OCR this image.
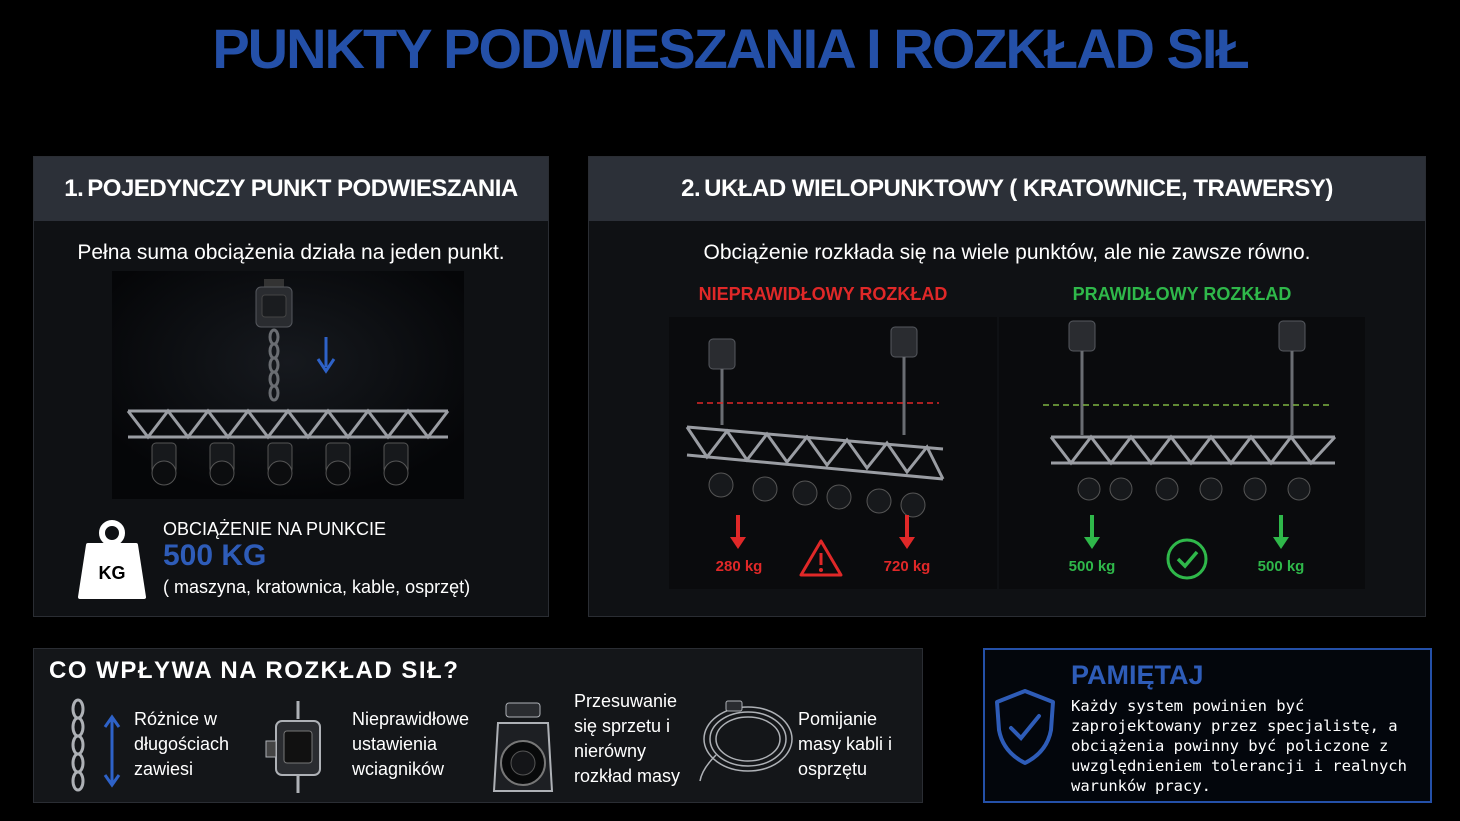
PUNKTY PODWIESZANIA I ROZKŁAD SIŁ
1. POJEDYNCZY PUNKT PODWIESZANIA
Pełna suma obciążenia działa na jeden punkt.
KG
OBCIĄŻENIE NA PUNKCIE
500 KG
( maszyna, kratownica, kable, osprzęt)
2. UKŁAD WIELOPUNKTOWY ( KRATOWNICE, TRAWERSY)
Obciążenie rozkłada się na wiele punktów, ale nie zawsze równo.
NIEPRAWIDŁOWY ROZKŁAD	PRAWIDŁOWY ROZKŁAD
280 kg	720 kg	500 kg	500 kg
CO WPŁYWA NA ROZKŁAD SIŁ?
Różnice w
długościach
zawiesi
Nieprawidłowe
ustawienia
wciagników
Przesuwanie
się sprzetu i
nierówny
rozkład masy
Pomijanie
masy kabli i
osprzętu
PAMIĘTAJ
Każdy system powinien być zaprojektowany przez specjalistę, a obciążenia powinny być policzone z uwzględnieniem tolerancji i realnych warunków pracy.
